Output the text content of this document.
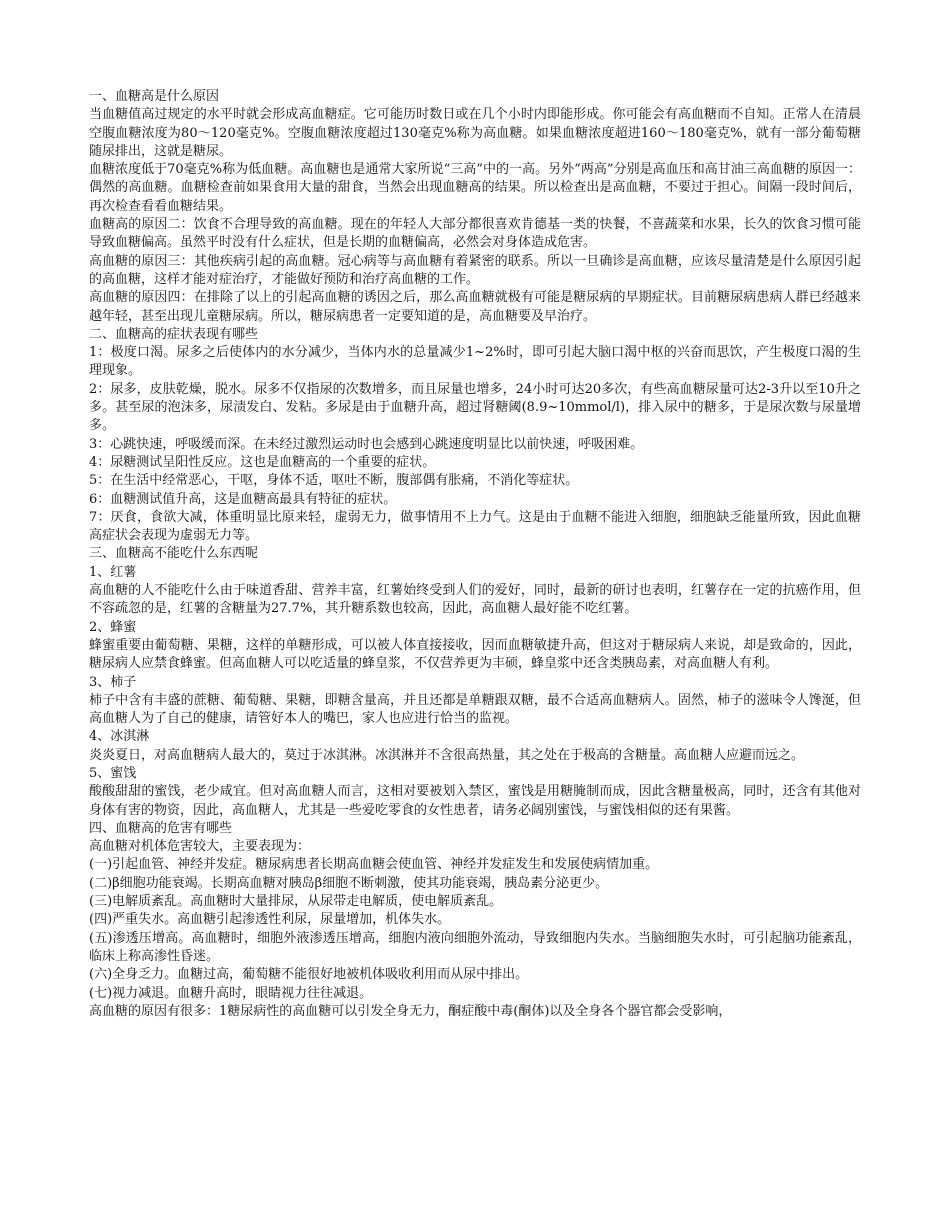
一、血糖高是什么原因

当血糖值高过规定的水平时就会形成高血糖症。它可能历时数日或在几个小时内即能形成。你可能会有高血糖而不自知。正常人在清晨空腹血糖浓度为80～120毫克%。空腹血糖浓度超过130毫克%称为高血糖。如果血糖浓度超进160～180毫克%，就有一部分葡萄糖随尿排出，这就是糖尿。

血糖浓度低于70毫克%称为低血糖。高血糖也是通常大家所说“三高”中的一高。另外“两高”分别是高血压和高甘油三高血糖的原因一：偶然的高血糖。血糖检查前如果食用大量的甜食，当然会出现血糖高的结果。所以检查出是高血糖，不要过于担心。间隔一段时间后，再次检查看看血糖结果。

血糖高的原因二：饮食不合理导致的高血糖。现在的年轻人大部分都很喜欢肯德基一类的快餐，不喜蔬菜和水果，长久的饮食习惯可能导致血糖偏高。虽然平时没有什么症状，但是长期的血糖偏高，必然会对身体造成危害。

高血糖的原因三：其他疾病引起的高血糖。冠心病等与高血糖有着紧密的联系。所以一旦确诊是高血糖，应该尽量清楚是什么原因引起的高血糖，这样才能对症治疗，才能做好预防和治疗高血糖的工作。

高血糖的原因四：在排除了以上的引起高血糖的诱因之后，那么高血糖就极有可能是糖尿病的早期症状。目前糖尿病患病人群已经越来越年轻，甚至出现儿童糖尿病。所以，糖尿病患者一定要知道的是，高血糖要及早治疗。

二、血糖高的症状表现有哪些

1：极度口渴。尿多之后使体内的水分减少，当体内水的总量减少1~2%时，即可引起大脑口渴中枢的兴奋而思饮，产生极度口渴的生理现象。

2：尿多，皮肤乾燥，脱水。尿多不仅指尿的次数增多，而且尿量也增多，24小时可达20多次，有些高血糖尿量可达2-3升以至10升之多。甚至尿的泡沫多，尿渍发白、发粘。多尿是由于血糖升高，超过肾糖阈(8.9~10mmol/l)，排入尿中的糖多，于是尿次数与尿量增多。

3：心跳快速，呼吸缓而深。在未经过激烈运动时也会感到心跳速度明显比以前快速，呼吸困难。

4：尿糖测试呈阳性反应。这也是血糖高的一个重要的症状。

5：在生活中经常恶心，干呕，身体不适，呕吐不断，腹部偶有胀痛，不消化等症状。

6：血糖测试值升高，这是血糖高最具有特征的症状。

7：厌食，食欲大减，体重明显比原来轻，虚弱无力，做事情用不上力气。这是由于血糖不能进入细胞，细胞缺乏能量所致，因此血糖高症状会表现为虚弱无力等。

三、血糖高不能吃什么东西呢

1、红薯

高血糖的人不能吃什么由于味道香甜、营养丰富，红薯始终受到人们的爱好，同时，最新的研讨也表明，红薯存在一定的抗癌作用，但不容疏忽的是，红薯的含糖量为27.7%，其升糖系数也较高，因此，高血糖人最好能不吃红薯。

2、蜂蜜

蜂蜜重要由葡萄糖、果糖，这样的单糖形成，可以被人体直接接收，因而血糖敏捷升高，但这对于糖尿病人来说，却是致命的，因此，糖尿病人应禁食蜂蜜。但高血糖人可以吃适量的蜂皇浆，不仅营养更为丰硕，蜂皇浆中还含类胰岛素，对高血糖人有利。

3、柿子

柿子中含有丰盛的蔗糖、葡萄糖、果糖，即糖含量高，并且还都是单糖跟双糖，最不合适高血糖病人。固然，柿子的滋味令人馋涎，但高血糖人为了自己的健康，请管好本人的嘴巴，家人也应进行恰当的监视。

4、冰淇淋

炎炎夏日，对高血糖病人最大的，莫过于冰淇淋。冰淇淋并不含很高热量，其之处在于极高的含糖量。高血糖人应避而远之。

5、蜜饯

酸酸甜甜的蜜饯，老少咸宜。但对高血糖人而言，这相对要被划入禁区，蜜饯是用糖腌制而成，因此含糖量极高，同时，还含有其他对身体有害的物资，因此，高血糖人，尤其是一些爱吃零食的女性患者，请务必阔别蜜饯，与蜜饯相似的还有果酱。

四、血糖高的危害有哪些

高血糖对机体危害较大，主要表现为：

(一)引起血管、神经并发症。糖尿病患者长期高血糖会使血管、神经并发症发生和发展使病情加重。

(二)β细胞功能衰竭。长期高血糖对胰岛β细胞不断刺激，使其功能衰竭，胰岛素分泌更少。

(三)电解质紊乱。高血糖时大量排尿，从尿带走电解质，使电解质紊乱。

(四)严重失水。高血糖引起渗透性利尿，尿量增加，机体失水。

(五)渗透压增高。高血糖时，细胞外液渗透压增高，细胞内液向细胞外流动，导致细胞内失水。当脑细胞失水时，可引起脑功能紊乱，临床上称高渗性昏迷。

(六)全身乏力。血糖过高，葡萄糖不能很好地被机体吸收利用而从尿中排出。

(七)视力减退。血糖升高时，眼睛视力往往减退。

高血糖的原因有很多：1糖尿病性的高血糖可以引发全身无力，酮症酸中毒(酮体)以及全身各个器官都会受影响，
